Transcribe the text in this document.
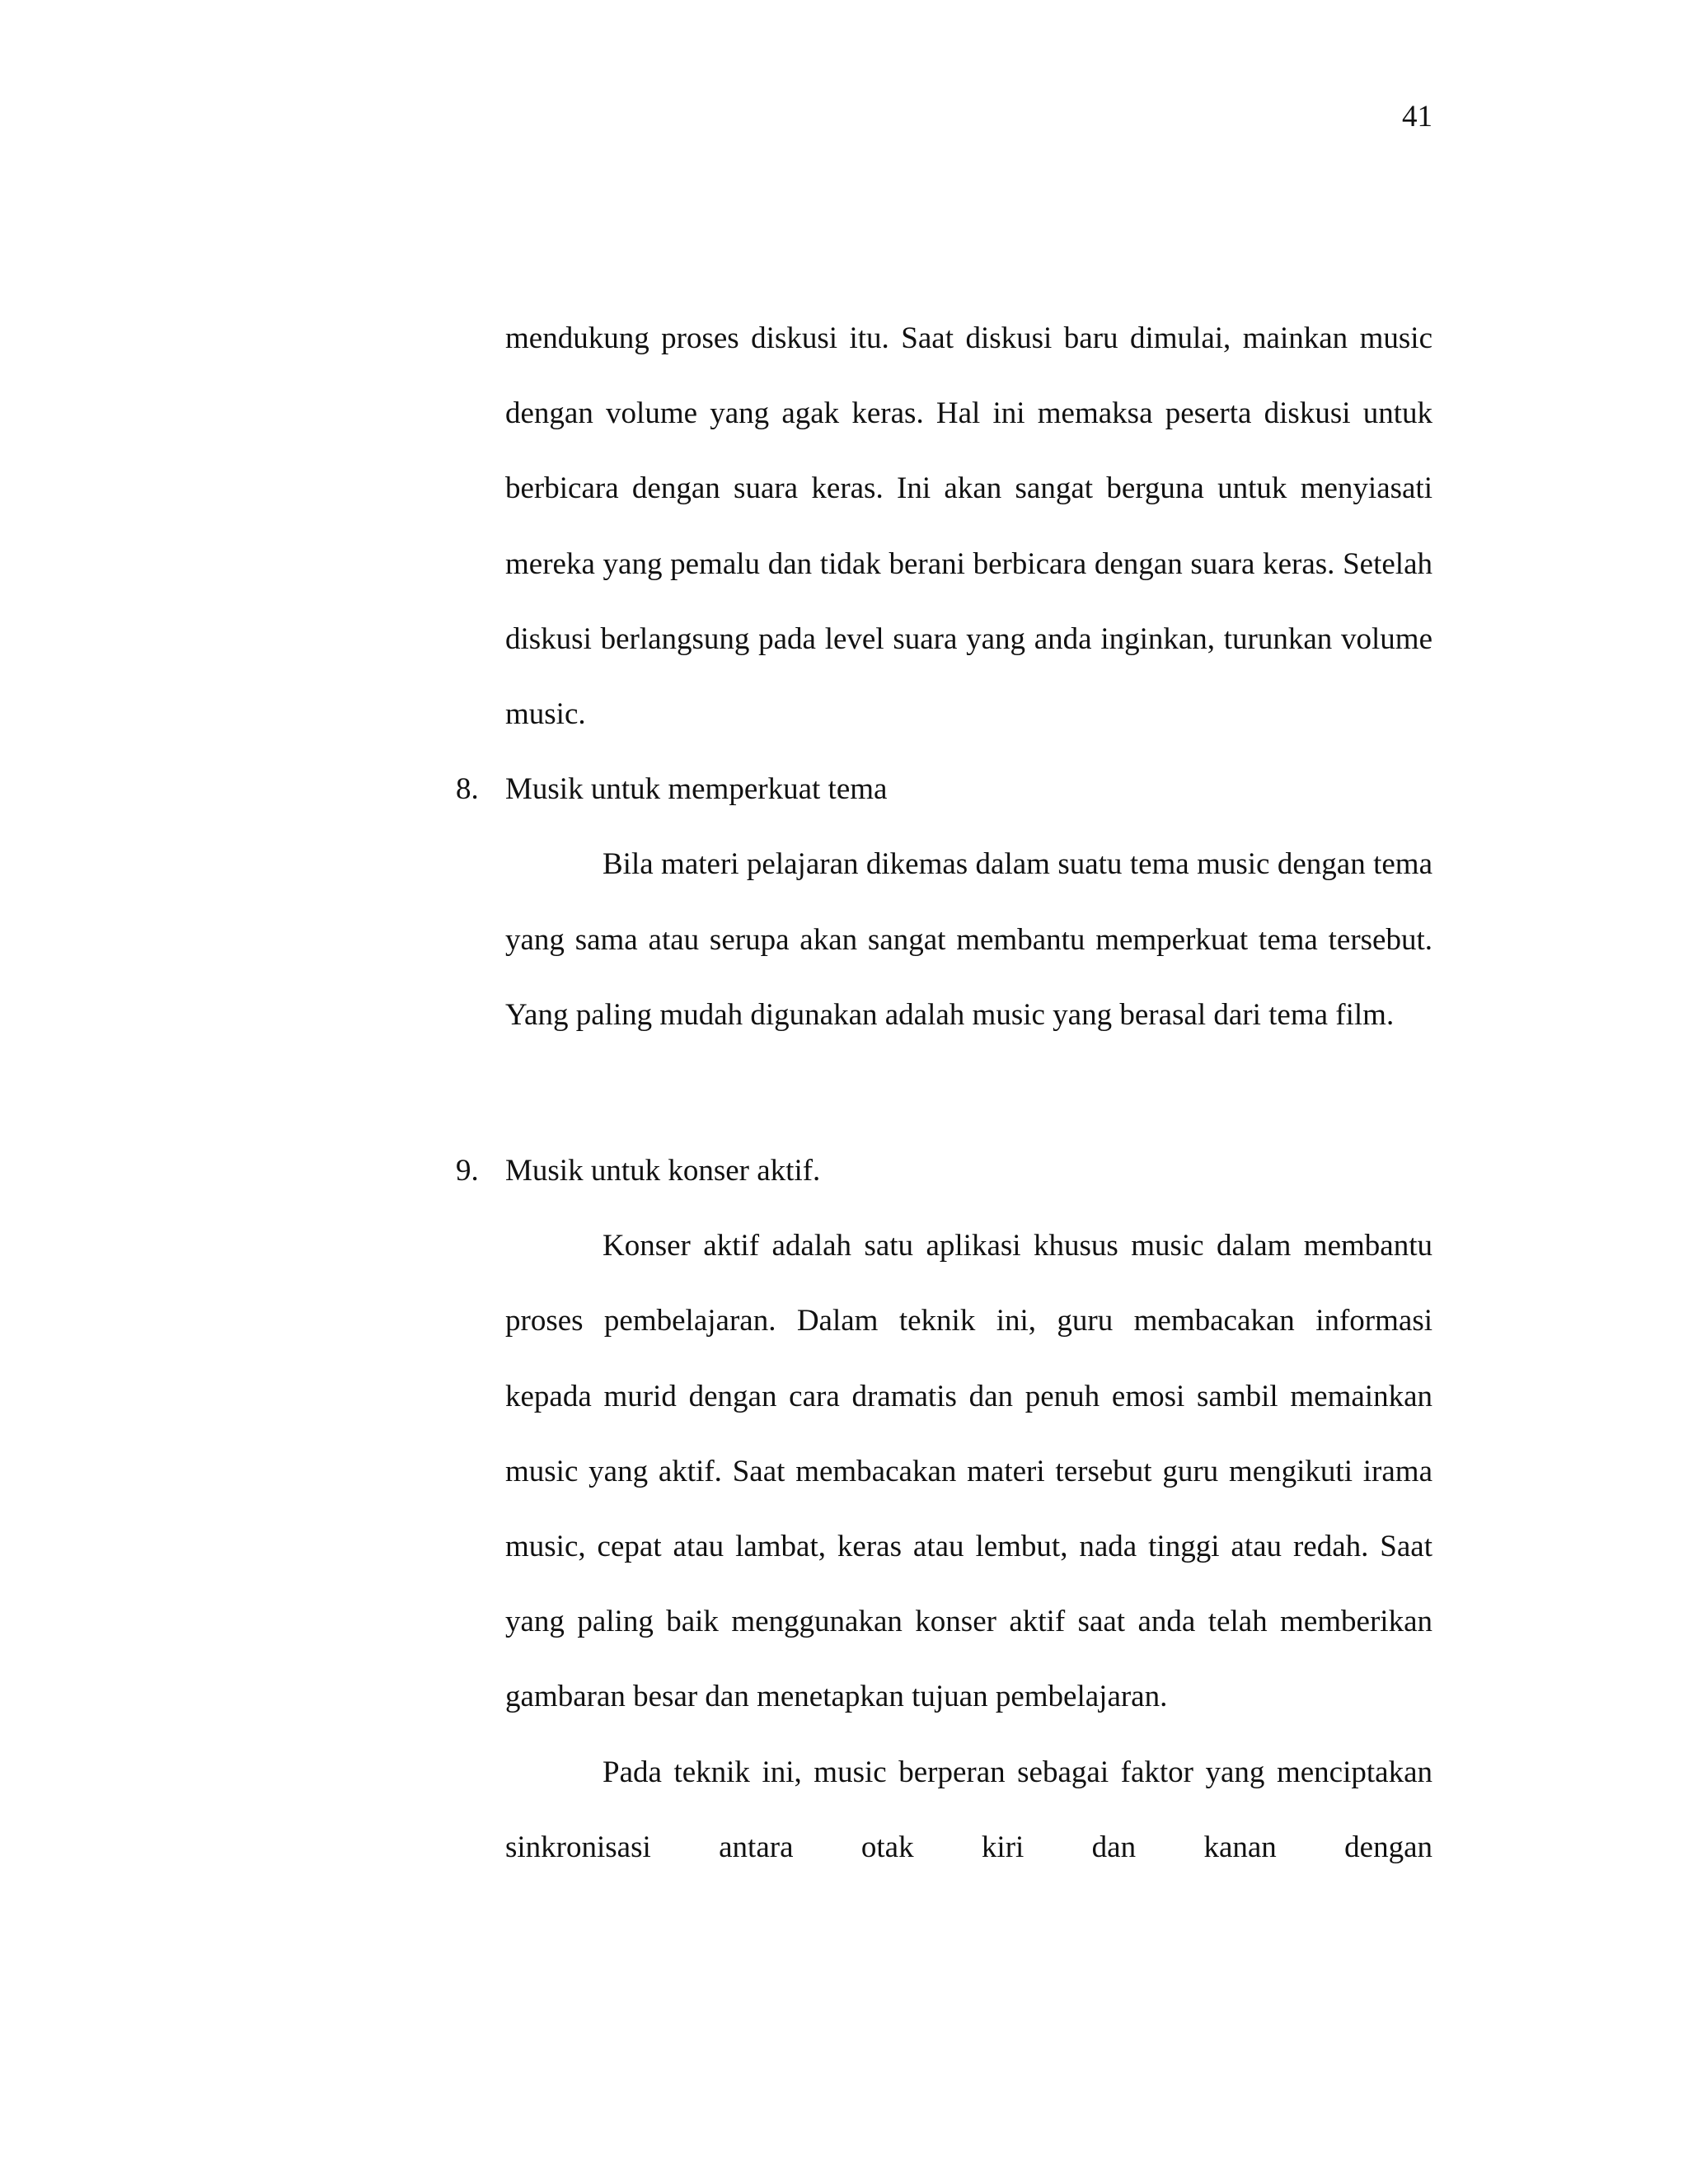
41

mendukung proses diskusi itu. Saat diskusi baru dimulai, mainkan music dengan volume yang agak keras. Hal ini memaksa peserta diskusi untuk berbicara dengan suara keras. Ini akan sangat berguna untuk menyiasati mereka yang pemalu dan tidak berani berbicara dengan suara keras. Setelah diskusi berlangsung pada level suara yang anda inginkan, turunkan volume music.

8. Musik untuk memperkuat tema

Bila materi pelajaran dikemas dalam suatu tema music dengan tema yang sama atau serupa akan sangat membantu memperkuat tema tersebut. Yang paling mudah digunakan adalah music yang berasal dari tema film.

9. Musik untuk konser aktif.

Konser aktif adalah satu aplikasi khusus music dalam membantu proses pembelajaran. Dalam teknik ini, guru membacakan informasi kepada murid dengan cara dramatis dan penuh emosi sambil memainkan music yang aktif. Saat membacakan materi tersebut guru mengikuti irama music, cepat atau lambat, keras atau lembut, nada tinggi atau redah. Saat yang paling baik menggunakan konser aktif saat anda telah memberikan gambaran besar dan menetapkan tujuan pembelajaran.

Pada teknik ini, music berperan sebagai faktor yang menciptakan sinkronisasi antara otak kiri dan kanan dengan
